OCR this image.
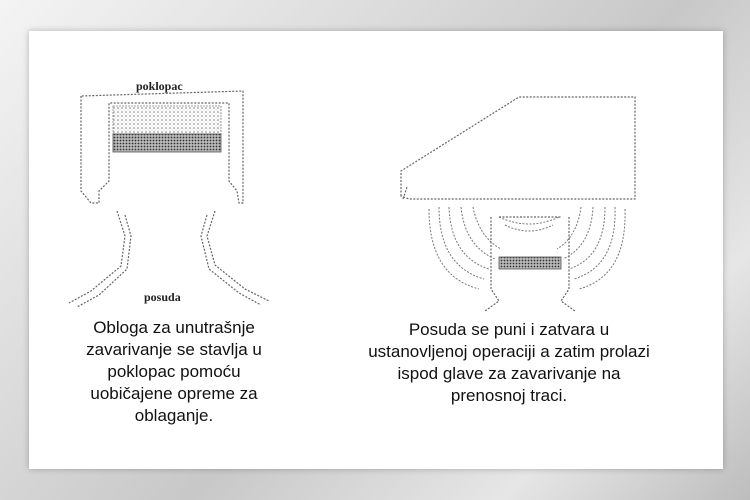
poklopac
posuda
Obloga za unutrašnje
zavarivanje se stavlja u
poklopac pomoću
uobičajene opreme za
oblaganje.
Posuda se puni i zatvara u
ustanovljenoj operaciji a zatim prolazi
ispod glave za zavarivanje na
prenosnoj traci.
